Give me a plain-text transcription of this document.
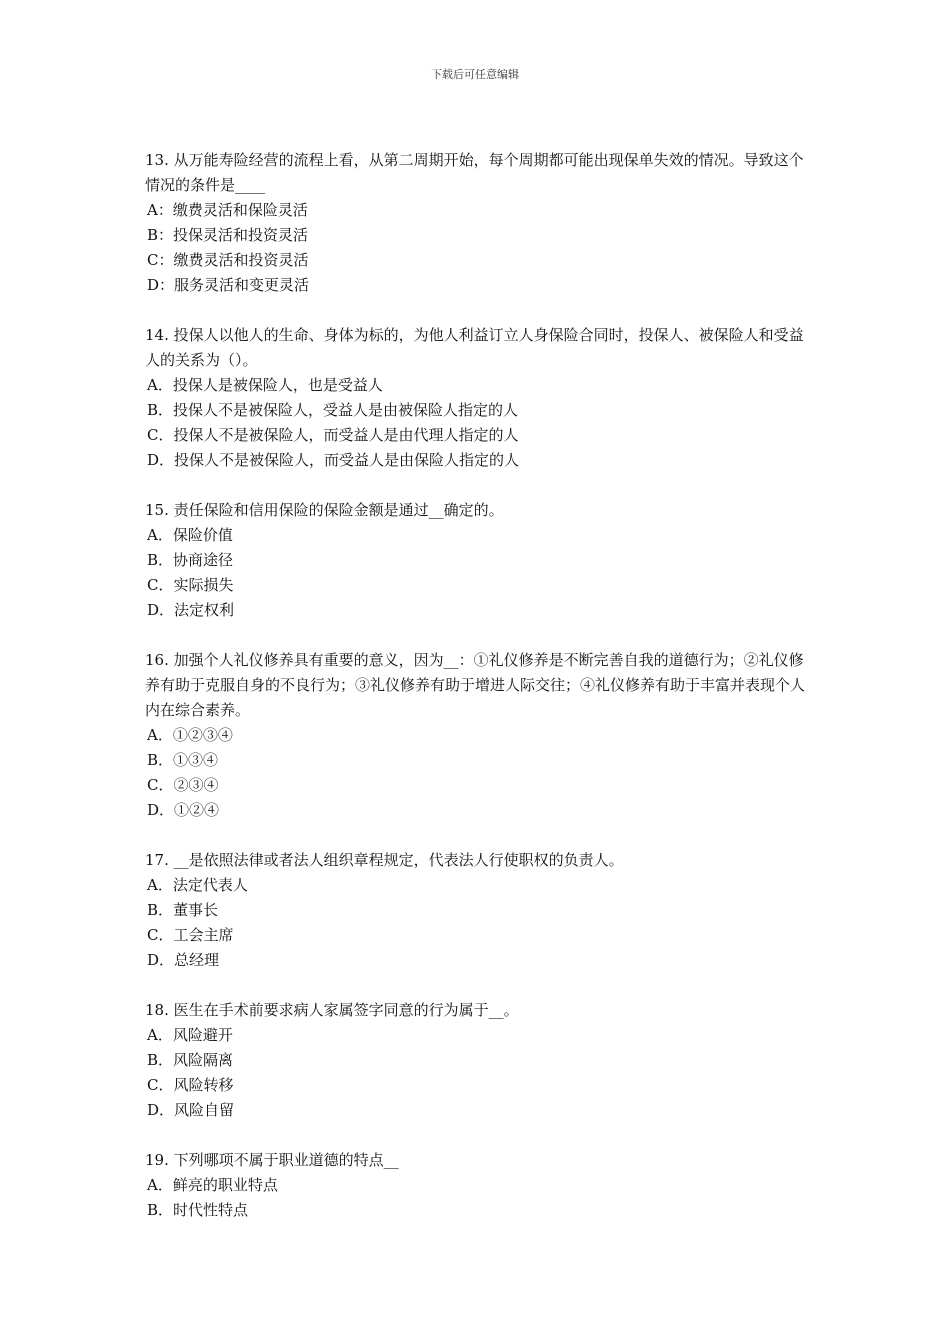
下载后可任意编辑

13. 从万能寿险经营的流程上看，从第二周期开始，每个周期都可能出现保单失效的情况。导致这个情况的条件是____

A：缴费灵活和保险灵活

B：投保灵活和投资灵活

C：缴费灵活和投资灵活

D：服务灵活和变更灵活

14. 投保人以他人的生命、身体为标的，为他人利益订立人身保险合同时，投保人、被保险人和受益人的关系为（）。

A．投保人是被保险人，也是受益人

B．投保人不是被保险人，受益人是由被保险人指定的人

C．投保人不是被保险人，而受益人是由代理人指定的人

D．投保人不是被保险人，而受益人是由保险人指定的人

15. 责任保险和信用保险的保险金额是通过__确定的。

A．保险价值

B．协商途径

C．实际损失

D．法定权利

16. 加强个人礼仪修养具有重要的意义，因为__：①礼仪修养是不断完善自我的道德行为；②礼仪修养有助于克服自身的不良行为；③礼仪修养有助于增进人际交往；④礼仪修养有助于丰富并表现个人内在综合素养。

A．①②③④

B．①③④

C．②③④

D．①②④

17. __是依照法律或者法人组织章程规定，代表法人行使职权的负责人。

A．法定代表人

B．董事长

C．工会主席

D．总经理

18. 医生在手术前要求病人家属签字同意的行为属于__。

A．风险避开

B．风险隔离

C．风险转移

D．风险自留

19. 下列哪项不属于职业道德的特点__

A．鲜亮的职业特点

B．时代性特点
